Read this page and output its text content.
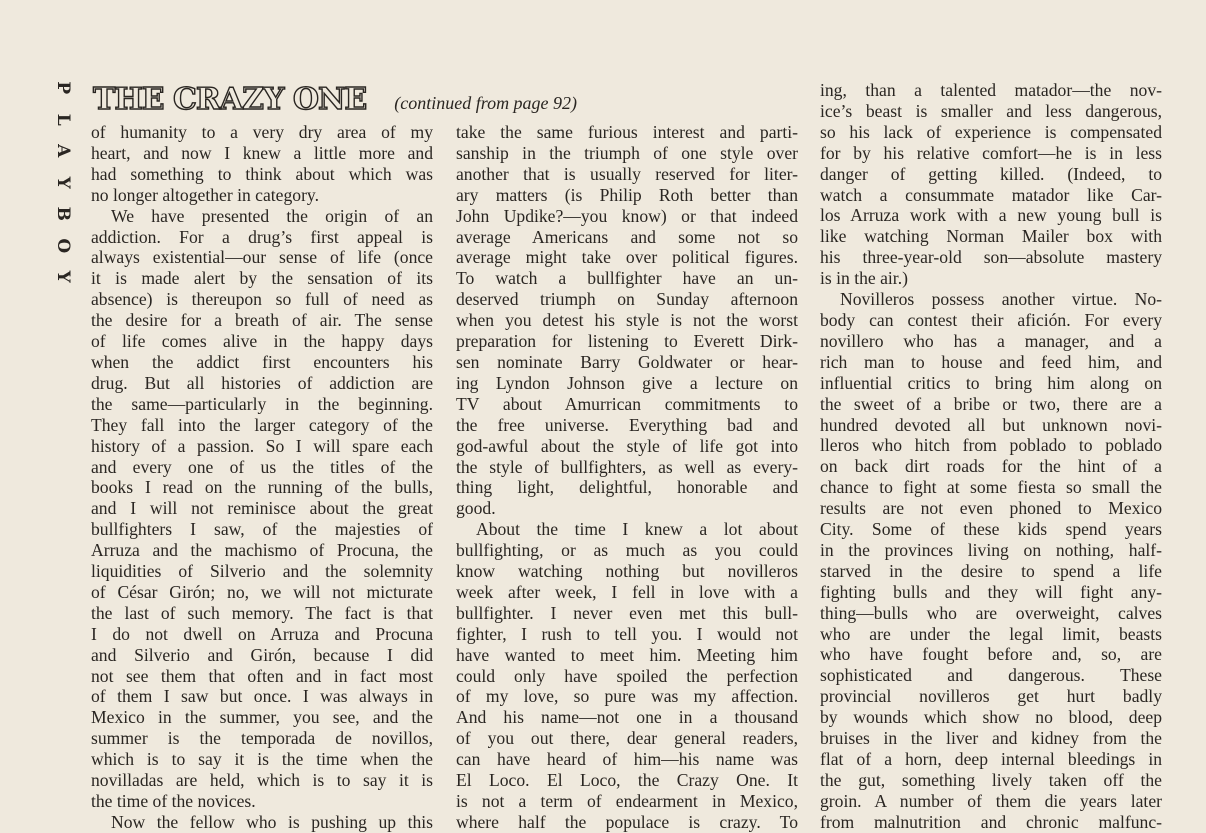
P
L
A
Y
B
O
Y
THE CRAZY ONE (continued from page 92)
of humanity to a very dry area of my
heart, and now I knew a little more and
had something to think about which was
no longer altogether in category.
We have presented the origin of an
addiction. For a drug’s first appeal is
always existential—our sense of life (once
it is made alert by the sensation of its
absence) is thereupon so full of need as
the desire for a breath of air. The sense
of life comes alive in the happy days
when the addict first encounters his
drug. But all histories of addiction are
the same—particularly in the beginning.
They fall into the larger category of the
history of a passion. So I will spare each
and every one of us the titles of the
books I read on the running of the bulls,
and I will not reminisce about the great
bullfighters I saw, of the majesties of
Arruza and the machismo of Procuna, the
liquidities of Silverio and the solemnity
of César Girón; no, we will not micturate
the last of such memory. The fact is that
I do not dwell on Arruza and Procuna
and Silverio and Girón, because I did
not see them that often and in fact most
of them I saw but once. I was always in
Mexico in the summer, you see, and the
summer is the temporada de novillos,
which is to say it is the time when the
novilladas are held, which is to say it is
the time of the novices.
Now the fellow who is pushing up this
take the same furious interest and parti-
sanship in the triumph of one style over
another that is usually reserved for liter-
ary matters (is Philip Roth better than
John Updike?—you know) or that indeed
average Americans and some not so
average might take over political figures.
To watch a bullfighter have an un-
deserved triumph on Sunday afternoon
when you detest his style is not the worst
preparation for listening to Everett Dirk-
sen nominate Barry Goldwater or hear-
ing Lyndon Johnson give a lecture on
TV about Amurrican commitments to
the free universe. Everything bad and
god-awful about the style of life got into
the style of bullfighters, as well as every-
thing light, delightful, honorable and
good.
About the time I knew a lot about
bullfighting, or as much as you could
know watching nothing but novilleros
week after week, I fell in love with a
bullfighter. I never even met this bull-
fighter, I rush to tell you. I would not
have wanted to meet him. Meeting him
could only have spoiled the perfection
of my love, so pure was my affection.
And his name—not one in a thousand
of you out there, dear general readers,
can have heard of him—his name was
El Loco. El Loco, the Crazy One. It
is not a term of endearment in Mexico,
where half the populace is crazy. To
ing, than a talented matador—the nov-
ice’s beast is smaller and less dangerous,
so his lack of experience is compensated
for by his relative comfort—he is in less
danger of getting killed. (Indeed, to
watch a consummate matador like Car-
los Arruza work with a new young bull is
like watching Norman Mailer box with
his three-year-old son—absolute mastery
is in the air.)
Novilleros possess another virtue. No-
body can contest their afición. For every
novillero who has a manager, and a
rich man to house and feed him, and
influential critics to bring him along on
the sweet of a bribe or two, there are a
hundred devoted all but unknown novi-
lleros who hitch from poblado to poblado
on back dirt roads for the hint of a
chance to fight at some fiesta so small the
results are not even phoned to Mexico
City. Some of these kids spend years
in the provinces living on nothing, half-
starved in the desire to spend a life
fighting bulls and they will fight any-
thing—bulls who are overweight, calves
who are under the legal limit, beasts
who have fought before and, so, are
sophisticated and dangerous. These
provincial novilleros get hurt badly
by wounds which show no blood, deep
bruises in the liver and kidney from the
flat of a horn, deep internal bleedings in
the gut, something lively taken off the
groin. A number of them die years later
from malnutrition and chronic malfunc-
